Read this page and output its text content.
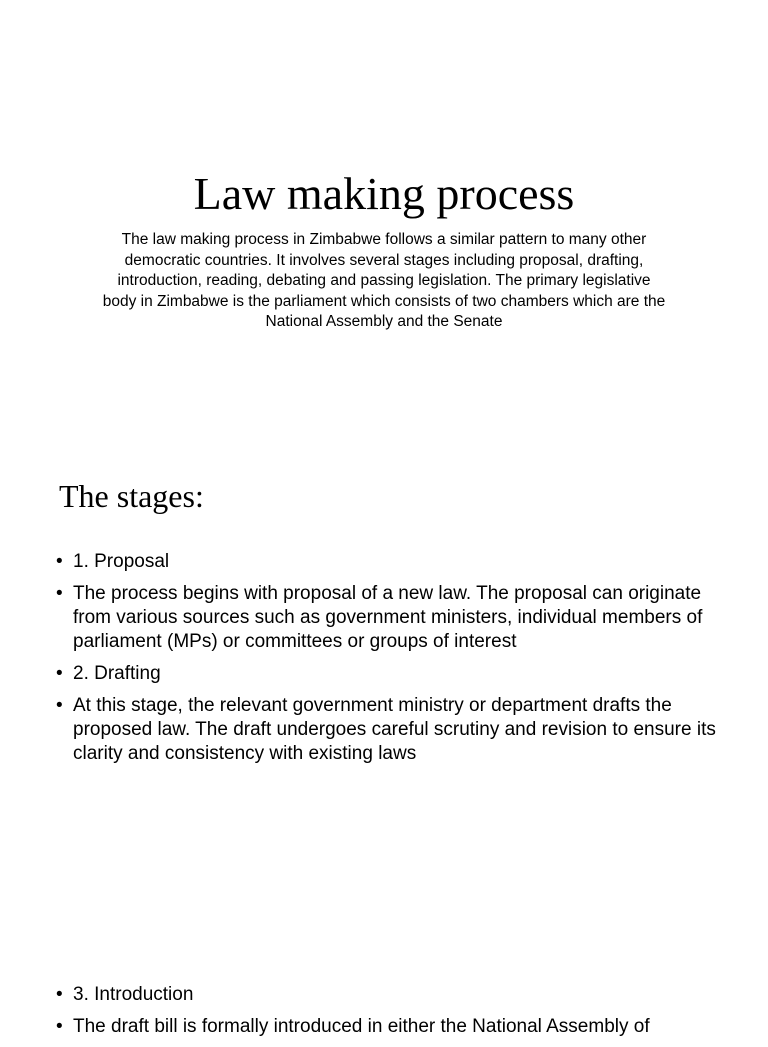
Law making process

The law making process in Zimbabwe follows a similar pattern to many other democratic countries. It involves several stages including proposal, drafting, introduction, reading, debating and passing legislation. The primary legislative body in Zimbabwe is the parliament which consists of two chambers which are the National Assembly and the Senate

The stages:
• 1. Proposal
• The process begins with proposal of a new law. The proposal can originate from various sources such as government ministers, individual members of parliament (MPs) or committees or groups of interest
• 2. Drafting
• At this stage, the relevant government ministry or department drafts the proposed law. The draft undergoes careful scrutiny and revision to ensure its clarity and consistency with existing laws
• 3. Introduction
• The draft bill is formally introduced in either the National Assembly of
